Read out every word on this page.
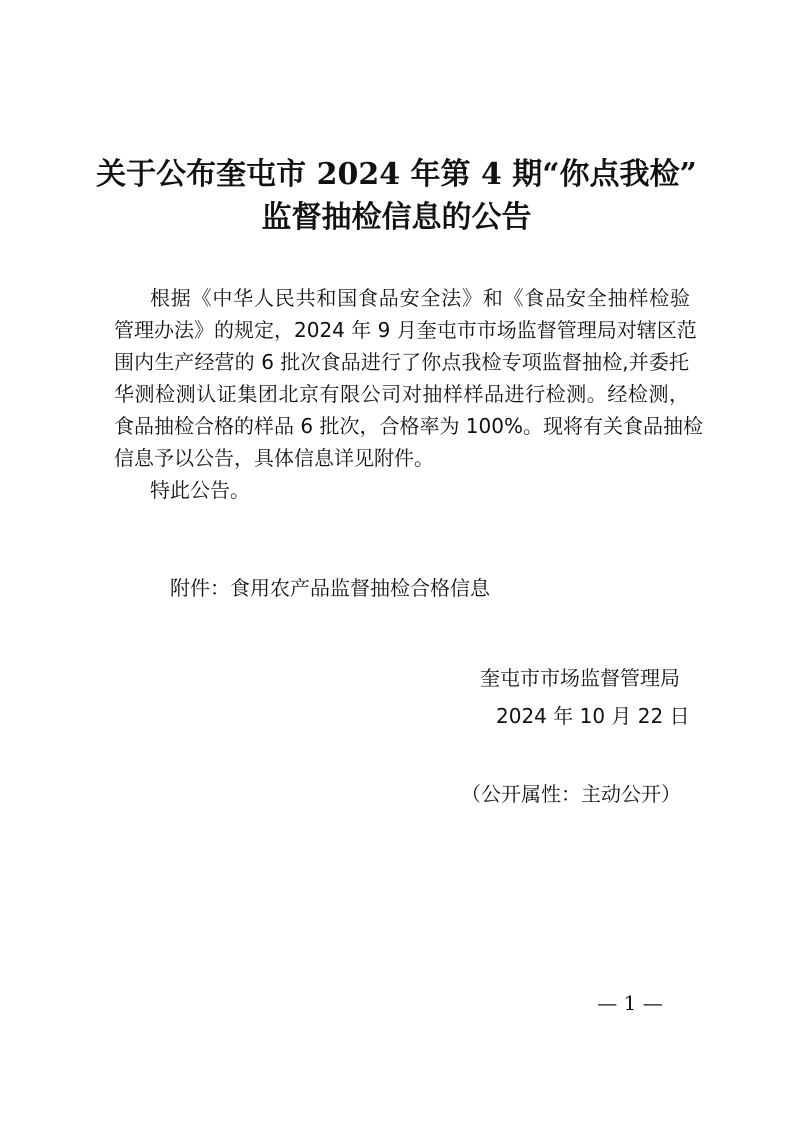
关于公布奎屯市 2024 年第 4 期“你点我检”
监督抽检信息的公告
根据《中华人民共和国食品安全法》和《食品安全抽样检验
管理办法》的规定，2024 年 9 月奎屯市市场监督管理局对辖区范
围内生产经营的 6 批次食品进行了你点我检专项监督抽检,并委托
华测检测认证集团北京有限公司对抽样样品进行检测。经检测，
食品抽检合格的样品 6 批次，合格率为 100%。现将有关食品抽检
信息予以公告，具体信息详见附件。
特此公告。
附件：食用农产品监督抽检合格信息
奎屯市市场监督管理局
2024 年 10 月 22 日
（公开属性：主动公开）
— 1 —
